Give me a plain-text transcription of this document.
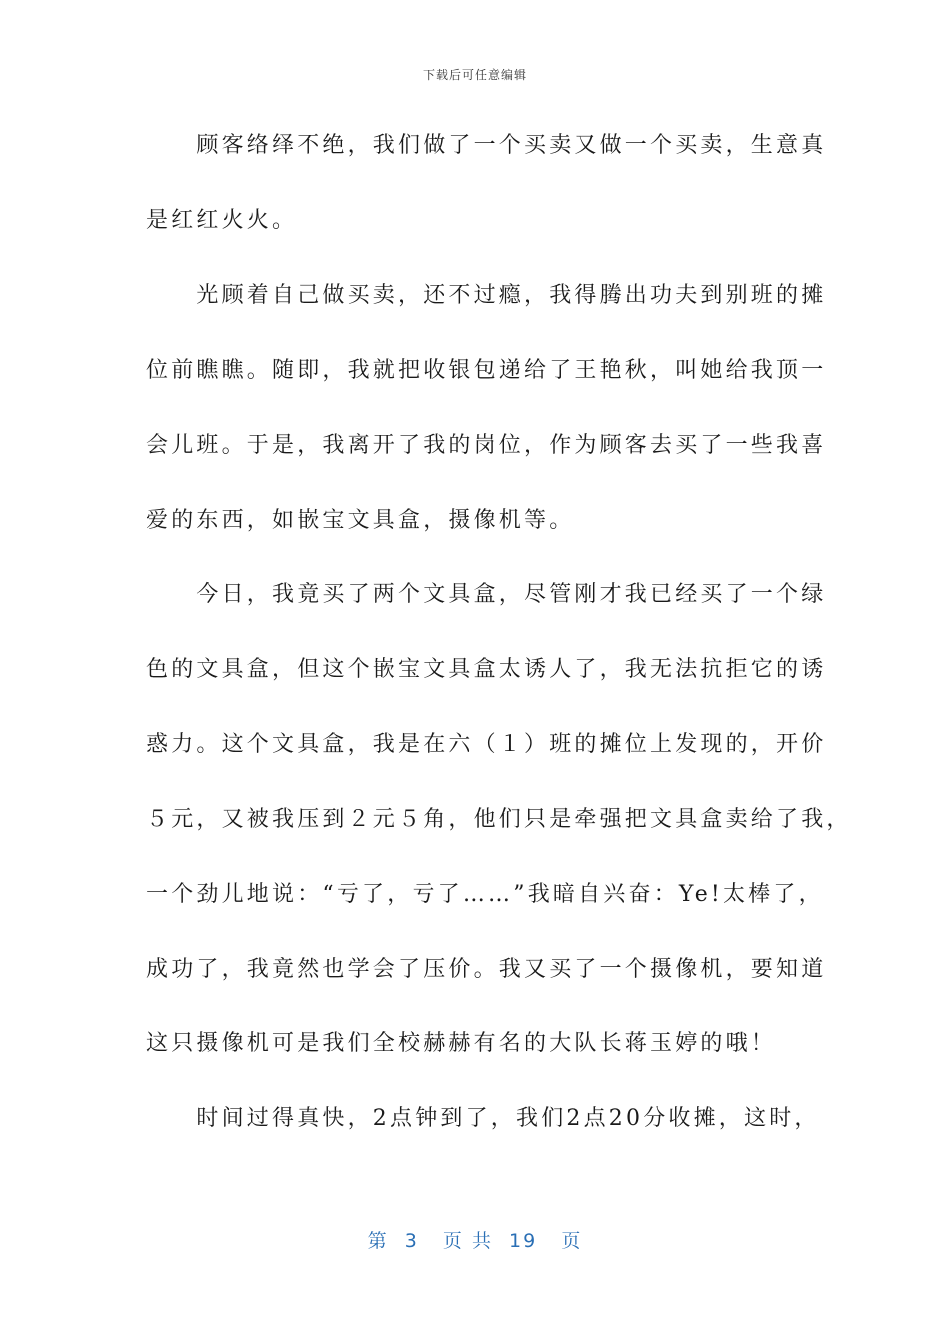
下载后可任意编辑
　　顾客络绎不绝，我们做了一个买卖又做一个买卖，生意真
是红红火火。
　　光顾着自己做买卖，还不过瘾，我得腾出功夫到别班的摊
位前瞧瞧。随即，我就把收银包递给了王艳秋，叫她给我顶一
会儿班。于是，我离开了我的岗位，作为顾客去买了一些我喜
爱的东西，如嵌宝文具盒，摄像机等。
　　今日，我竟买了两个文具盒，尽管刚才我已经买了一个绿
色的文具盒，但这个嵌宝文具盒太诱人了，我无法抗拒它的诱
惑力。这个文具盒，我是在六（１）班的摊位上发现的，开价
５元，又被我压到２元５角，他们只是牵强把文具盒卖给了我，
一个劲儿地说：“亏了，亏了……”我暗自兴奋：Ye!太棒了，
成功了，我竟然也学会了压价。我又买了一个摄像机，要知道
这只摄像机可是我们全校赫赫有名的大队长蒋玉婷的哦！
　　时间过得真快，2点钟到了，我们2点20分收摊，这时，
第  3   页 共  19   页
